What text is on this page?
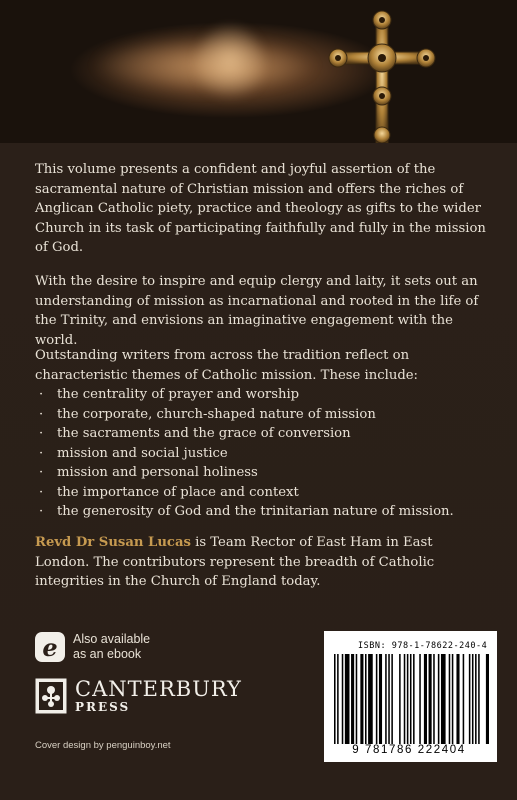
This volume presents a confident and joyful assertion of the sacramental nature of Christian mission and offers the riches of Anglican Catholic piety, practice and theology as gifts to the wider Church in its task of participating faithfully and fully in the mission of God.

With the desire to inspire and equip clergy and laity, it sets out an understanding of mission as incarnational and rooted in the life of the Trinity, and envisions an imaginative engagement with the world.

Outstanding writers from across the tradition reflect on characteristic themes of Catholic mission. These include:

· the centrality of prayer and worship
· the corporate, church-shaped nature of mission
· the sacraments and the grace of conversion
· mission and social justice
· mission and personal holiness
· the importance of place and context
· the generosity of God and the trinitarian nature of mission.

Revd Dr Susan Lucas is Team Rector of East Ham in East London. The contributors represent the breadth of Catholic integrities in the Church of England today.

e	Also available
as an ebook
CANTERBURY
PRESS
Cover design by penguinboy.net
ISBN: 978-1-78622-240-4
9 781786 222404
